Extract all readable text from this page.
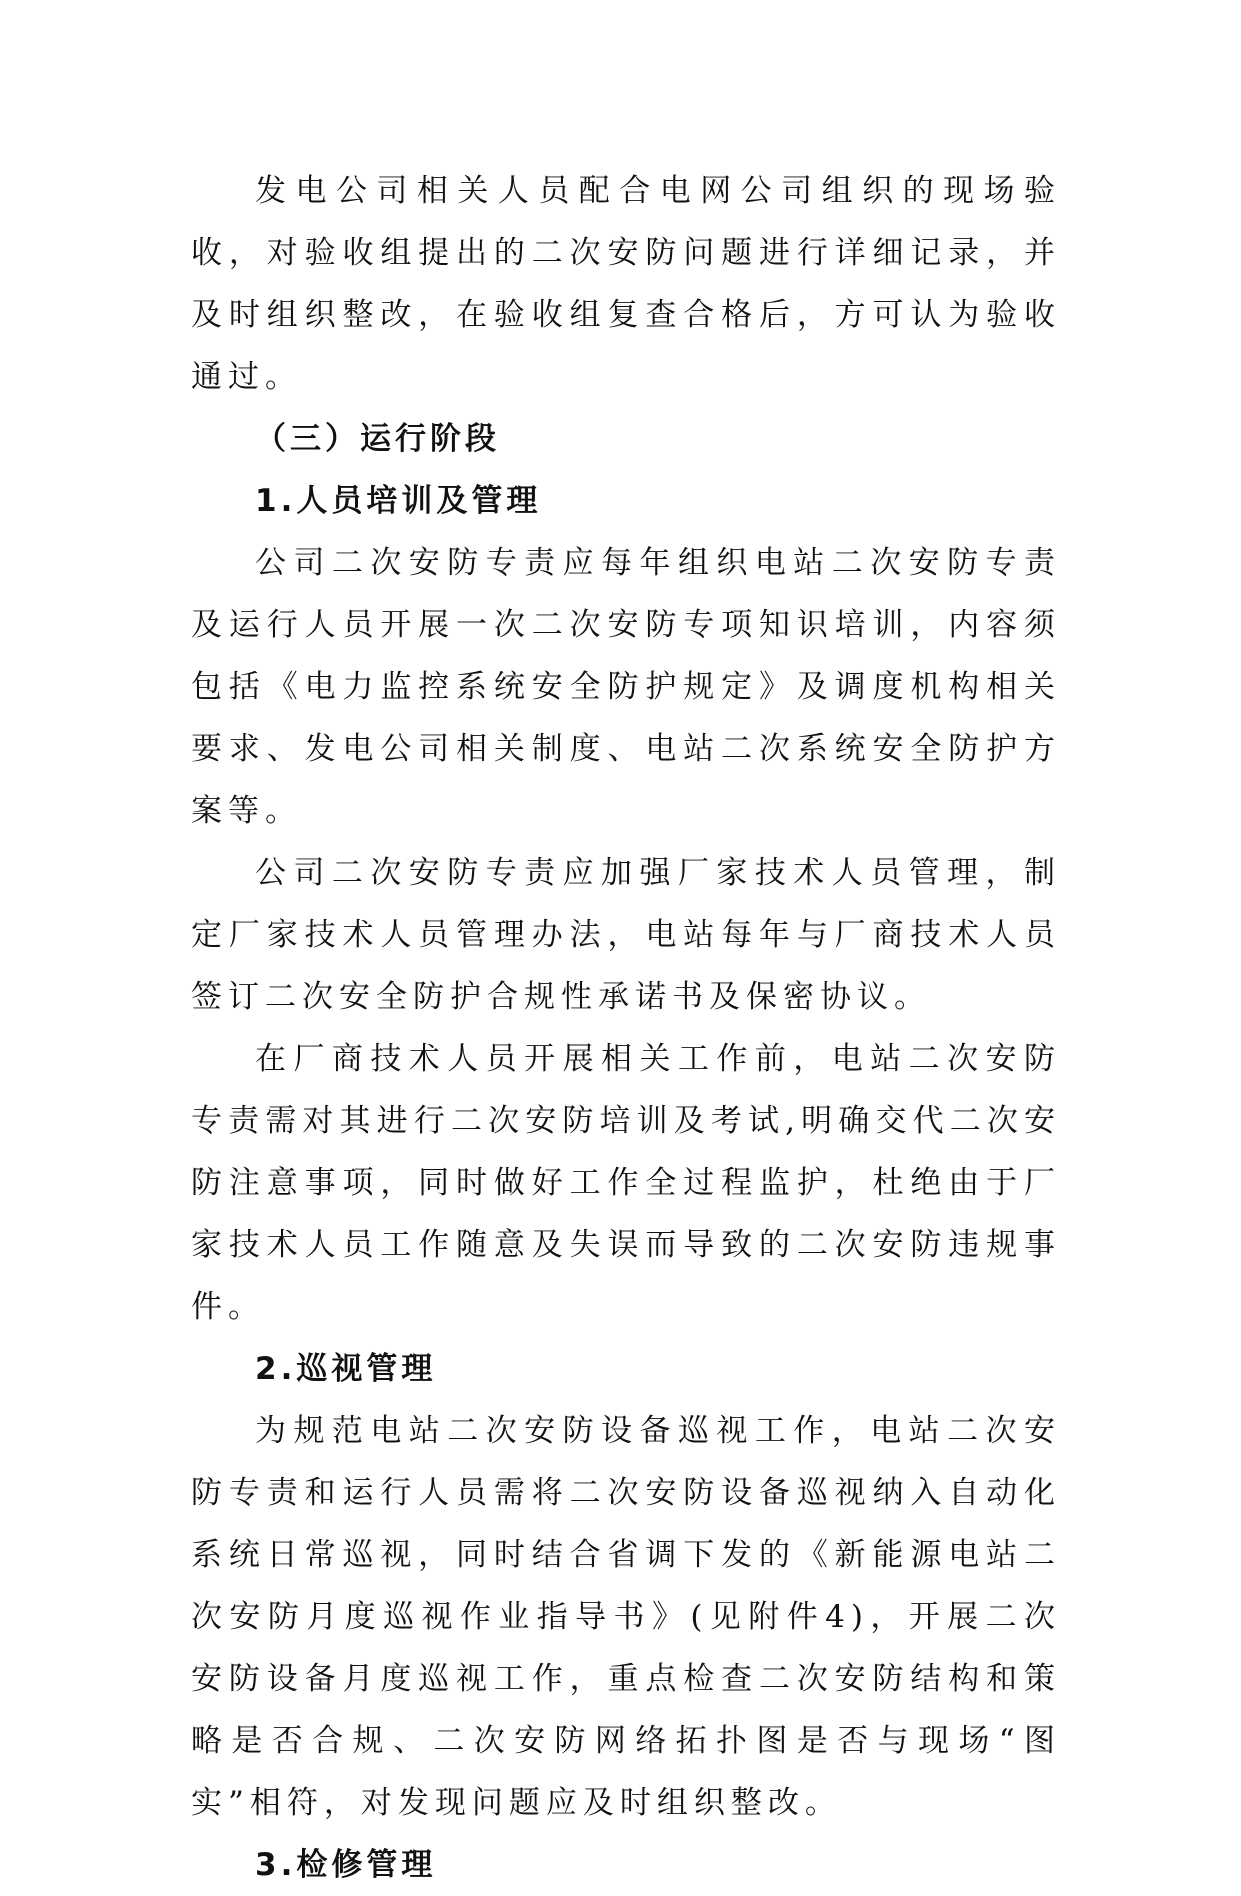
发电公司相关人员配合电网公司组织的现场验收，对验收组提出的二次安防问题进行详细记录，并及时组织整改，在验收组复查合格后，方可认为验收通过。

（三）运行阶段

1.人员培训及管理

公司二次安防专责应每年组织电站二次安防专责及运行人员开展一次二次安防专项知识培训，内容须包括《电力监控系统安全防护规定》及调度机构相关要求、发电公司相关制度、电站二次系统安全防护方案等。

公司二次安防专责应加强厂家技术人员管理，制定厂家技术人员管理办法，电站每年与厂商技术人员签订二次安全防护合规性承诺书及保密协议。

在厂商技术人员开展相关工作前，电站二次安防专责需对其进行二次安防培训及考试,明确交代二次安防注意事项，同时做好工作全过程监护，杜绝由于厂家技术人员工作随意及失误而导致的二次安防违规事件。

2.巡视管理

为规范电站二次安防设备巡视工作，电站二次安防专责和运行人员需将二次安防设备巡视纳入自动化系统日常巡视，同时结合省调下发的《新能源电站二次安防月度巡视作业指导书》(见附件4)，开展二次安防设备月度巡视工作，重点检查二次安防结构和策略是否合规、二次安防网络拓扑图是否与现场“图实”相符，对发现问题应及时组织整改。

3.检修管理
